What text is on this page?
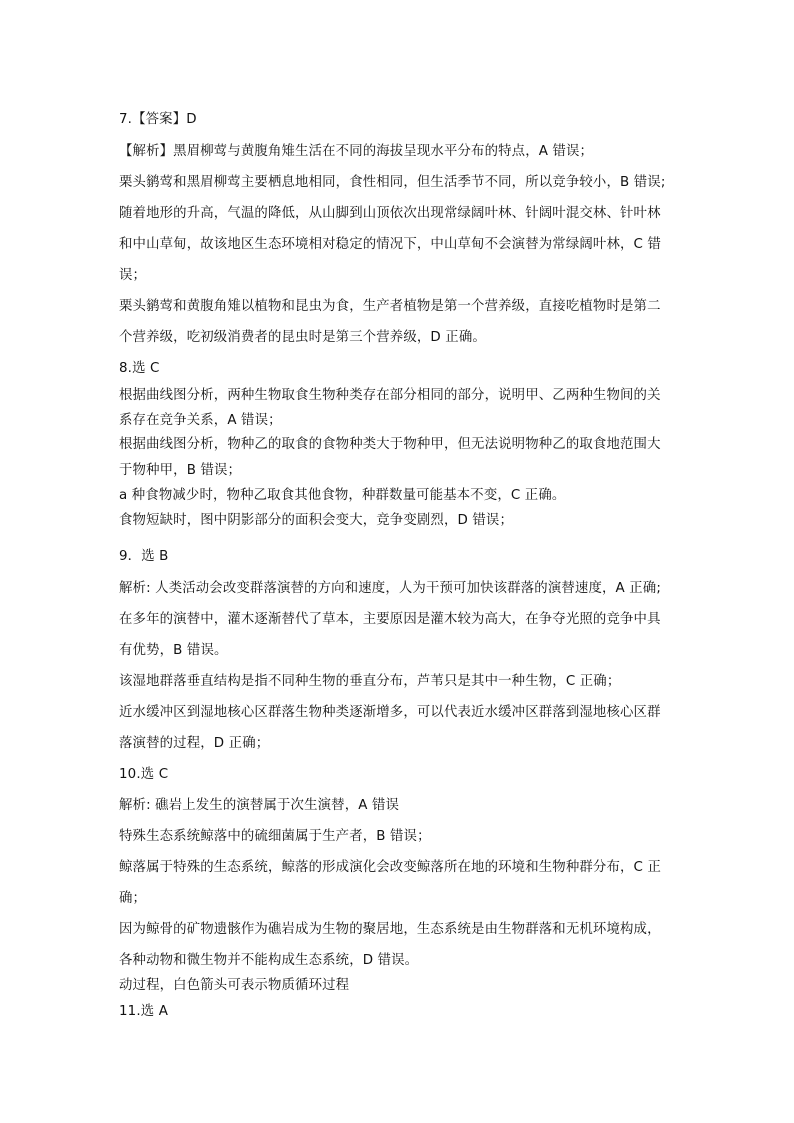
7.【答案】D
【解析】黑眉柳莺与黄腹角雉生活在不同的海拔呈现水平分布的特点，A 错误；
栗头鹟莺和黑眉柳莺主要栖息地相同，食性相同，但生活季节不同，所以竞争较小，B 错误;
随着地形的升高，气温的降低，从山脚到山顶依次出现常绿阔叶林、针阔叶混交林、针叶林
和中山草甸，故该地区生态环境相对稳定的情况下，中山草甸不会演替为常绿阔叶林，C 错
误；
栗头鹟莺和黄腹角雉以植物和昆虫为食，生产者植物是第一个营养级，直接吃植物时是第二
个营养级，吃初级消费者的昆虫时是第三个营养级，D 正确。
8.选 C
根据曲线图分析，两种生物取食生物种类存在部分相同的部分，说明甲、乙两种生物间的关
系存在竞争关系，A 错误；
根据曲线图分析，物种乙的取食的食物种类大于物种甲，但无法说明物种乙的取食地范围大
于物种甲，B 错误；
a 种食物减少时，物种乙取食其他食物，种群数量可能基本不变，C 正确。
食物短缺时，图中阴影部分的面积会变大，竞争变剧烈，D 错误；
9．选 B
解析: 人类活动会改变群落演替的方向和速度，人为干预可加快该群落的演替速度，A 正确;
在多年的演替中，灌木逐渐替代了草本，主要原因是灌木较为高大，在争夺光照的竞争中具
有优势，B 错误。
该湿地群落垂直结构是指不同种生物的垂直分布，芦苇只是其中一种生物，C 正确；
近水缓冲区到湿地核心区群落生物种类逐渐增多，可以代表近水缓冲区群落到湿地核心区群
落演替的过程，D 正确；
10.选 C
解析: 礁岩上发生的演替属于次生演替，A 错误
特殊生态系统鲸落中的硫细菌属于生产者，B 错误；
鲸落属于特殊的生态系统，鲸落的形成演化会改变鲸落所在地的环境和生物种群分布，C 正
确；
因为鲸骨的矿物遗骸作为礁岩成为生物的聚居地，生态系统是由生物群落和无机环境构成，
各种动物和微生物并不能构成生态系统，D 错误。
动过程，白色箭头可表示物质循环过程
11.选 A
